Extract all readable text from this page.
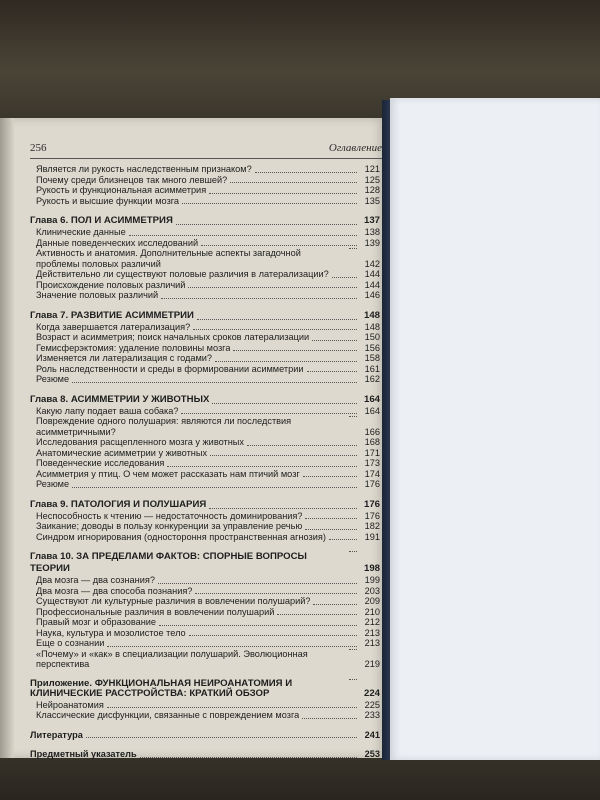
256	Оглавление
Является ли рукость наследственным признаком?	121
Почему среди близнецов так много левшей?	125
Рукость и функциональная асимметрия	128
Рукость и высшие функции мозга	135
Глава 6. ПОЛ И АСИММЕТРИЯ	137
Клинические данные	138
Данные поведенческих исследований	139
Активность и анатомия. Дополнительные аспекты загадочной проблемы половых различий	142
Действительно ли существуют половые различия в латерализации?	144
Происхождение половых различий	144
Значение половых различий	146
Глава 7. РАЗВИТИЕ АСИММЕТРИИ	148
Когда завершается латерализация?	148
Возраст и асимметрия; поиск начальных сроков латерализации	150
Гемисферэктомия: удаление половины мозга	156
Изменяется ли латерализация с годами?	158
Роль наследственности и среды в формировании асимметрии	161
Резюме	162
Глава 8. АСИММЕТРИИ У ЖИВОТНЫХ	164
Какую лапу подает ваша собака?	164
Повреждение одного полушария: являются ли последствия асимметричными?	166
Исследования расщепленного мозга у животных	168
Анатомические асимметрии у животных	171
Поведенческие исследования	173
Асимметрия у птиц. О чем может рассказать нам птичий мозг	174
Резюме	176
Глава 9. ПАТОЛОГИЯ И ПОЛУШАРИЯ	176
Неспособность к чтению — недостаточность доминирования?	176
Заикание; доводы в пользу конкуренции за управление речью	182
Синдром игнорирования (одностороння пространственная агнозия)	191
Глава 10. ЗА ПРЕДЕЛАМИ ФАКТОВ: СПОРНЫЕ ВОПРОСЫ ТЕОРИИ	198
Два мозга — два сознания?	199
Два мозга — два способа познания?	203
Существуют ли культурные различия в вовлечении полушарий?	209
Профессиональные различия в вовлечении полушарий	210
Правый мозг и образование	212
Наука, культура и мозолистое тело	213
Еще о сознании	213
«Почему» и «как» в специализации полушарий. Эволюционная перспектива	219
Приложение. ФУНКЦИОНАЛЬНАЯ НЕЙРОАНАТОМИЯ И КЛИНИЧЕСКИЕ РАССТРОЙСТВА: КРАТКИЙ ОБЗОР	224
Нейроанатомия	225
Классические дисфункции, связанные с повреждением мозга	233
Литература	241
Предметный указатель	253
